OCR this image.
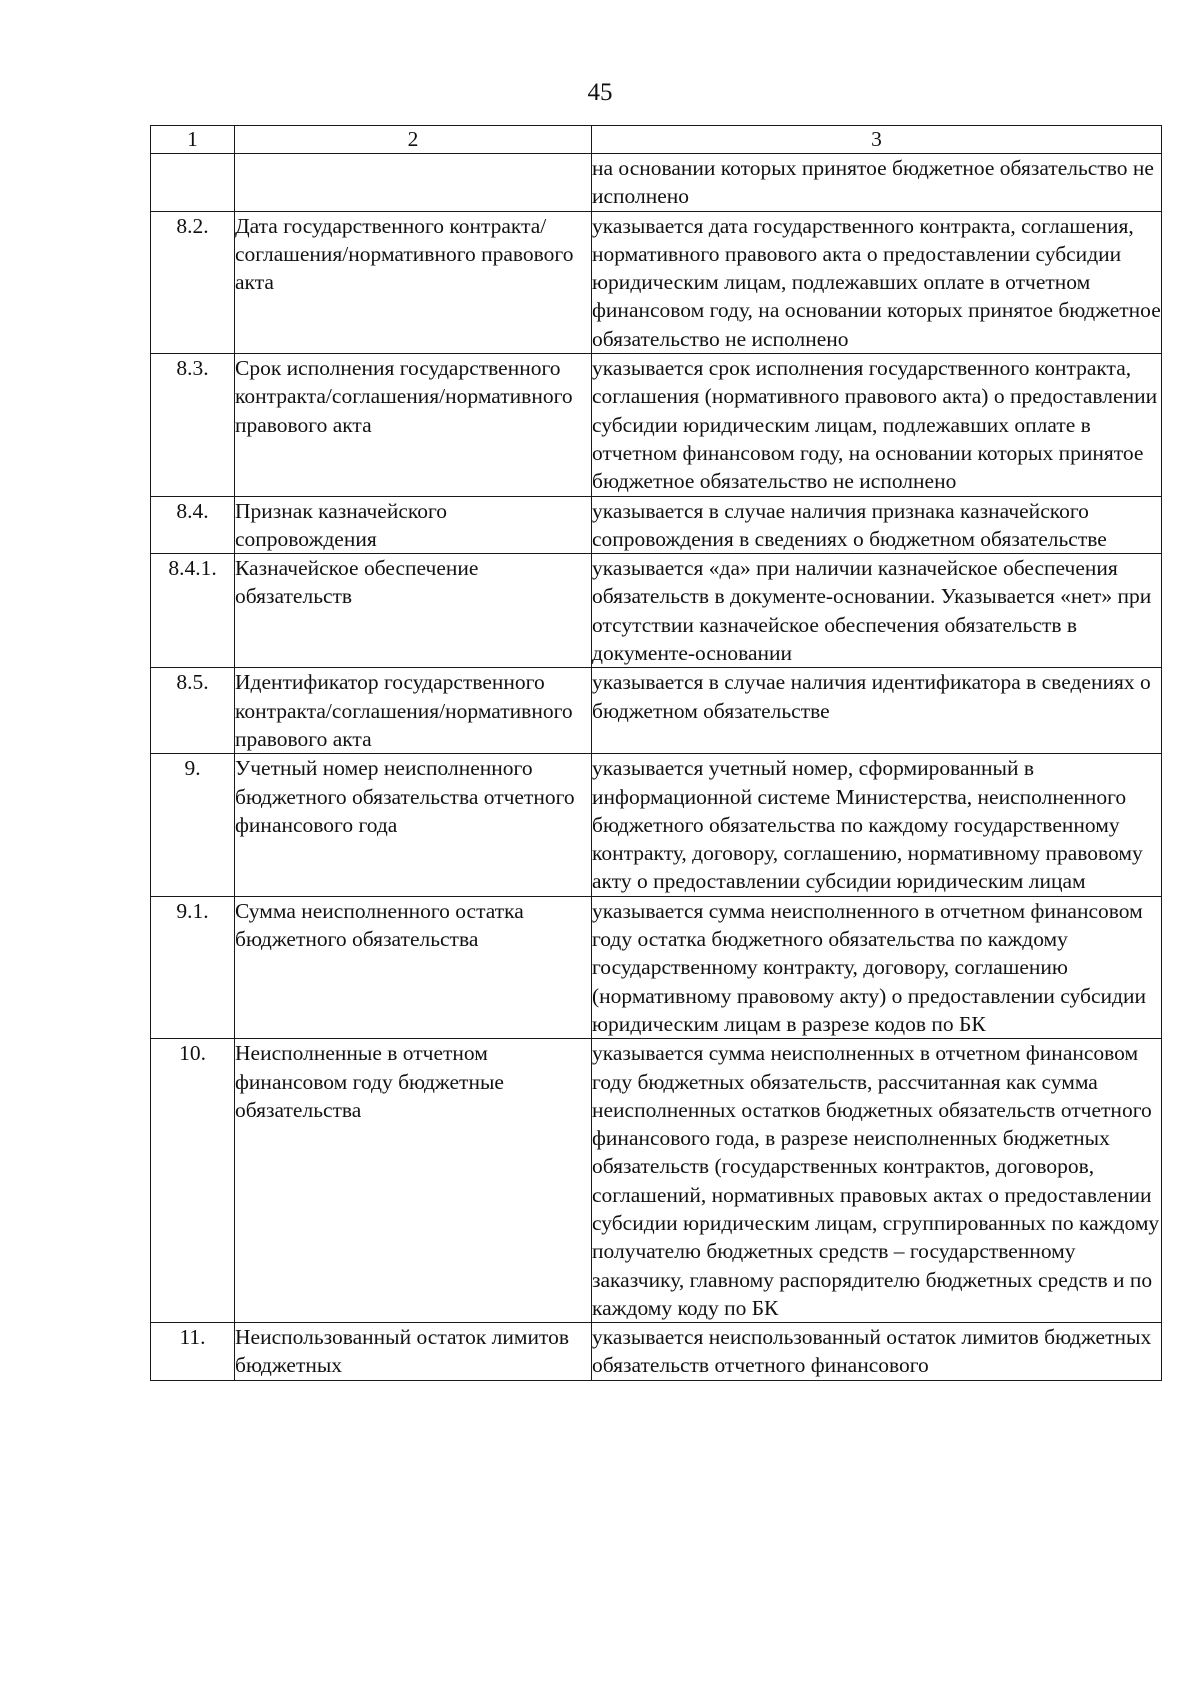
45
1	2	3
		на основании которых принятое бюджетное обязательство не исполнено
8.2.	Дата государственного контракта/ соглашения/нормативного правового акта	указывается дата государственного контракта, соглашения, нормативного правового акта о предоставлении субсидии юридическим лицам, подлежавших оплате в отчетном финансовом году, на основании которых принятое бюджетное обязательство не исполнено
8.3.	Срок исполнения государственного контракта/соглашения/нормативного правового акта	указывается срок исполнения государственного контракта, соглашения (нормативного правового акта) о предоставлении субсидии юридическим лицам, подлежавших оплате в отчетном финансовом году, на основании которых принятое бюджетное обязательство не исполнено
8.4.	Признак казначейского сопровождения	указывается в случае наличия признака казначейского сопровождения в сведениях о бюджетном обязательстве
8.4.1.	Казначейское обеспечение обязательств	указывается «да» при наличии казначейское обеспечения обязательств в документе-основании. Указывается «нет» при отсутствии казначейское обеспечения обязательств в документе-основании
8.5.	Идентификатор государственного контракта/соглашения/нормативного правового акта	указывается в случае наличия идентификатора в сведениях о бюджетном обязательстве
9.	Учетный номер неисполненного бюджетного обязательства отчетного финансового года	указывается учетный номер, сформированный в информационной системе Министерства, неисполненного бюджетного обязательства по каждому государственному контракту, договору, соглашению, нормативному правовому акту о предоставлении субсидии юридическим лицам
9.1.	Сумма неисполненного остатка бюджетного обязательства	указывается сумма неисполненного в отчетном финансовом году остатка бюджетного обязательства по каждому государственному контракту, договору, соглашению (нормативному правовому акту) о предоставлении субсидии юридическим лицам в разрезе кодов по БК
10.	Неисполненные в отчетном финансовом году бюджетные обязательства	указывается сумма неисполненных в отчетном финансовом году бюджетных обязательств, рассчитанная как сумма неисполненных остатков бюджетных обязательств отчетного финансового года, в разрезе неисполненных бюджетных обязательств (государственных контрактов, договоров, соглашений, нормативных правовых актах о предоставлении субсидии юридическим лицам, сгруппированных по каждому получателю бюджетных средств – государственному заказчику, главному распорядителю бюджетных средств и по каждому коду по БК
11.	Неиспользованный остаток лимитов бюджетных	указывается неиспользованный остаток лимитов бюджетных обязательств отчетного финансового
